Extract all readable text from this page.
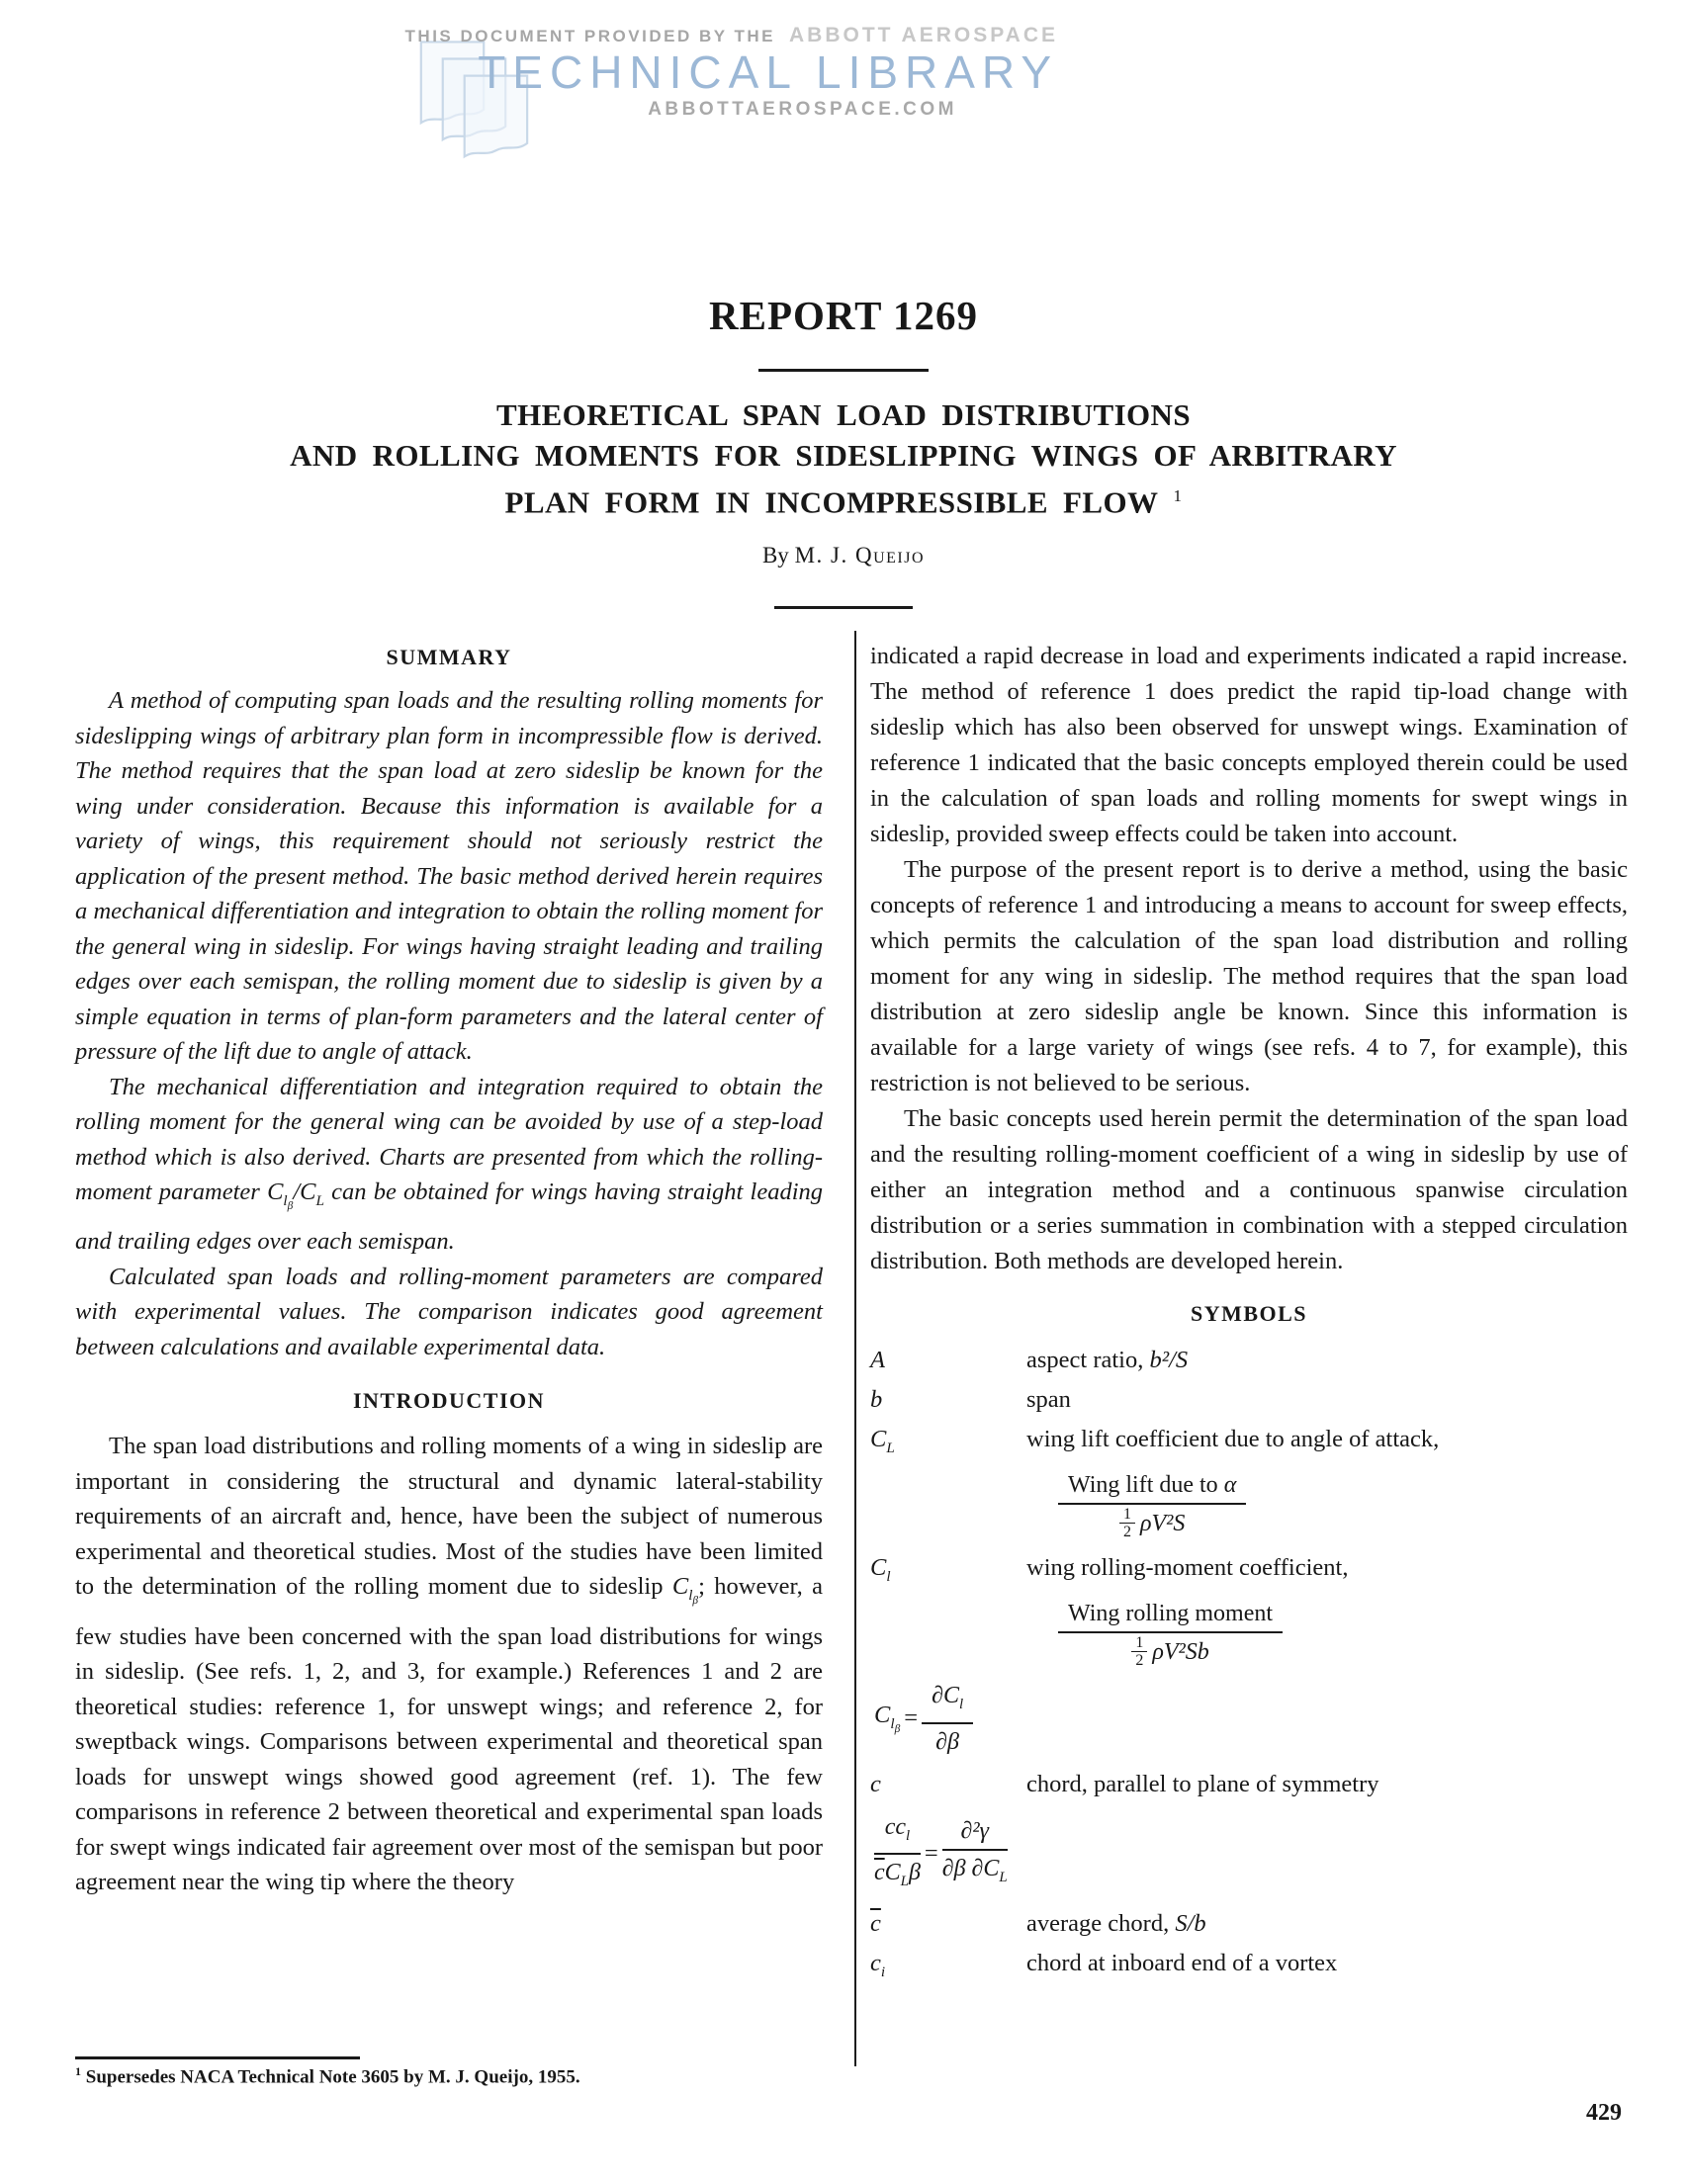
THIS DOCUMENT PROVIDED BY THE ABBOTT AEROSPACE
TECHNICAL LIBRARY
ABBOTTAEROSPACE.COM
REPORT 1269
THEORETICAL SPAN LOAD DISTRIBUTIONS
AND ROLLING MOMENTS FOR SIDESLIPPING WINGS OF ARBITRARY
PLAN FORM IN INCOMPRESSIBLE FLOW $^1$
By M. J. Queijo
SUMMARY

A method of computing span loads and the resulting rolling moments for sideslipping wings of arbitrary plan form in incompressible flow is derived. The method requires that the span load at zero sideslip be known for the wing under consideration. Because this information is available for a variety of wings, this requirement should not seriously restrict the application of the present method. The basic method derived herein requires a mechanical differentiation and integration to obtain the rolling moment for the general wing in sideslip. For wings having straight leading and trailing edges over each semispan, the rolling moment due to sideslip is given by a simple equation in terms of plan-form parameters and the lateral center of pressure of the lift due to angle of attack.

The mechanical differentiation and integration required to obtain the rolling moment for the general wing can be avoided by use of a step-load method which is also derived. Charts are presented from which the rolling-moment parameter $C_{l_\beta}/C_L$ can be obtained for wings having straight leading and trailing edges over each semispan.

Calculated span loads and rolling-moment parameters are compared with experimental values. The comparison indicates good agreement between calculations and available experimental data.

INTRODUCTION

The span load distributions and rolling moments of a wing in sideslip are important in considering the structural and dynamic lateral-stability requirements of an aircraft and, hence, have been the subject of numerous experimental and theoretical studies. Most of the studies have been limited to the determination of the rolling moment due to sideslip $C_{l_\beta}$; however, a few studies have been concerned with the span load distributions for wings in sideslip. (See refs. 1, 2, and 3, for example.) References 1 and 2 are theoretical studies: reference 1, for unswept wings; and reference 2, for sweptback wings. Comparisons between experimental and theoretical span loads for unswept wings showed good agreement (ref. 1). The few comparisons in reference 2 between theoretical and experimental span loads for swept wings indicated fair agreement over most of the semispan but poor agreement near the wing tip where the theory

$^1$ Supersedes NACA Technical Note 3605 by M. J. Queijo, 1955.

indicated a rapid decrease in load and experiments indicated a rapid increase. The method of reference 1 does predict the rapid tip-load change with sideslip which has also been observed for unswept wings. Examination of reference 1 indicated that the basic concepts employed therein could be used in the calculation of span loads and rolling moments for swept wings in sideslip, provided sweep effects could be taken into account.

The purpose of the present report is to derive a method, using the basic concepts of reference 1 and introducing a means to account for sweep effects, which permits the calculation of the span load distribution and rolling moment for any wing in sideslip. The method requires that the span load distribution at zero sideslip angle be known. Since this information is available for a large variety of wings (see refs. 4 to 7, for example), this restriction is not believed to be serious.

The basic concepts used herein permit the determination of the span load and the resulting rolling-moment coefficient of a wing in sideslip by use of either an integration method and a continuous spanwise circulation distribution or a series summation in combination with a stepped circulation distribution. Both methods are developed herein.

SYMBOLS
A	aspect ratio, b²/S
b	span
$C_L$	wing lift coefficient due to angle of attack,
$\frac{\text{Wing lift due to α}}{\frac{1}{2} \rho V^2S}$
$C_l$	wing rolling-moment coefficient,
$\frac{\text{Wing rolling moment}}{\frac{1}{2} \rho V^2Sb}$
$C_{l_\beta} = \frac{\partial C_l}{\partial\beta}$
c	chord, parallel to plane of symmetry
$\frac{cc_l}{\overline{c}C_L\beta} = \frac{\text{∂²γ}}{\partial\beta \partial C_L}$
$\overline{c}$	average chord, S/b
$c_i$	chord at inboard end of a vortex
429
